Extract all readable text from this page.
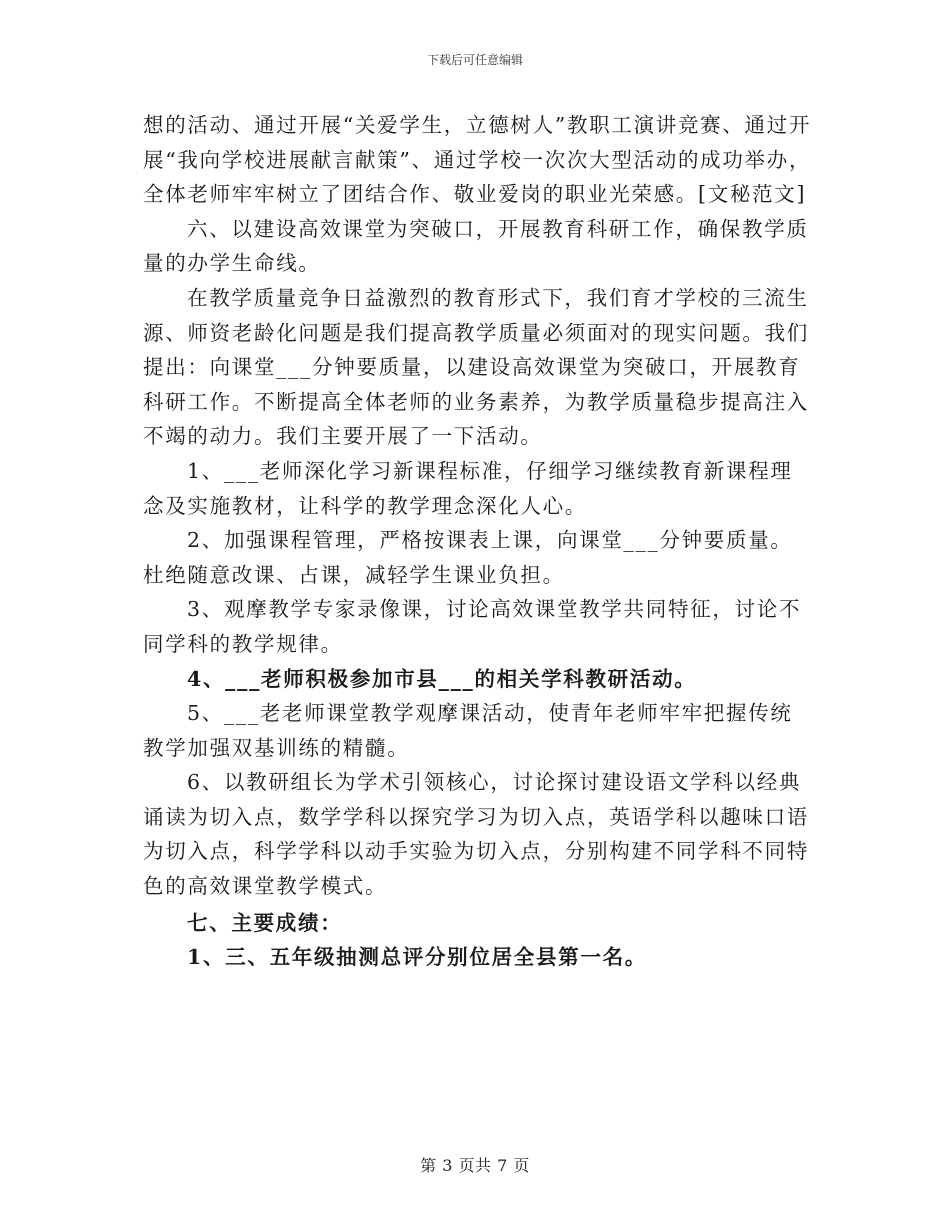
下载后可任意编辑

想的活动、通过开展“关爱学生，立德树人”教职工演讲竞赛、通过开展“我向学校进展献言献策”、通过学校一次次大型活动的成功举办，全体老师牢牢树立了团结合作、敬业爱岗的职业光荣感。[文秘范文]

六、以建设高效课堂为突破口，开展教育科研工作，确保教学质量的办学生命线。

在教学质量竞争日益激烈的教育形式下，我们育才学校的三流生源、师资老龄化问题是我们提高教学质量必须面对的现实问题。我们提出：向课堂___分钟要质量，以建设高效课堂为突破口，开展教育科研工作。不断提高全体老师的业务素养，为教学质量稳步提高注入不竭的动力。我们主要开展了一下活动。

1、___老师深化学习新课程标准，仔细学习继续教育新课程理念及实施教材，让科学的教学理念深化人心。

2、加强课程管理，严格按课表上课，向课堂___分钟要质量。杜绝随意改课、占课，减轻学生课业负担。

3、观摩教学专家录像课，讨论高效课堂教学共同特征，讨论不同学科的教学规律。

4、___老师积极参加市县___的相关学科教研活动。

5、___老老师课堂教学观摩课活动，使青年老师牢牢把握传统教学加强双基训练的精髓。

6、以教研组长为学术引领核心，讨论探讨建设语文学科以经典诵读为切入点，数学学科以探究学习为切入点，英语学科以趣味口语为切入点，科学学科以动手实验为切入点，分别构建不同学科不同特色的高效课堂教学模式。

七、主要成绩：

1、三、五年级抽测总评分别位居全县第一名。

第 3 页共 7 页
